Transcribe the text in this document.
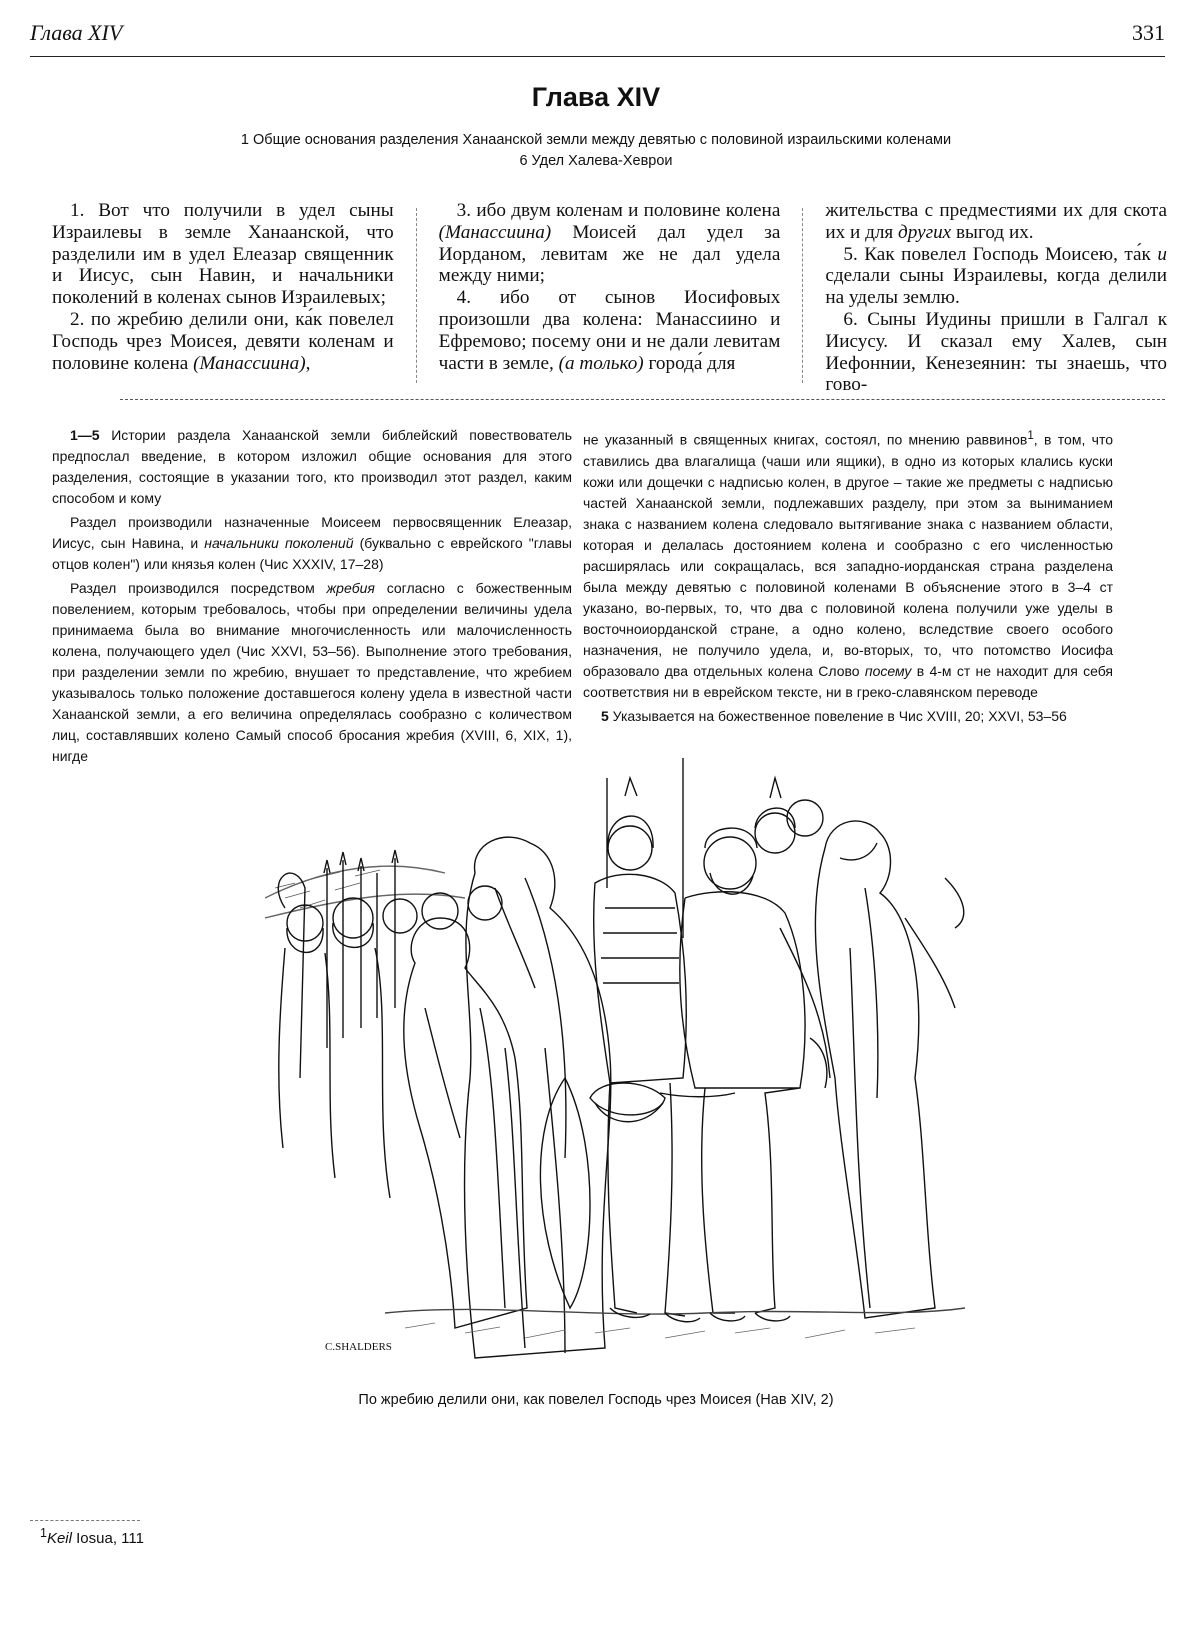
Глава XIV	331
Глава XIV
1 Общие основания разделения Ханаанской земли между девятью с половиной израильскими коленами
6 Удел Халева-Хеврои

1. Вот что получили в удел сыны Израилевы в земле Ханаанской, что разделили им в удел Елеазар священник и Иисус, сын Навин, и начальники поколений в коленах сынов Израилевых;

2. по жребию делили они, ка́к повелел Господь чрез Моисея, девяти коленам и половине колена (Манассиина),

3. ибо двум коленам и половине колена (Манассиина) Моисей дал удел за Иорданом, левитам же не дал удела между ними;

4. ибо от сынов Иосифовых произошли два колена: Манассиино и Ефремово; посему они и не дали левитам части в земле, (а только) города́ для

жительства с предместиями их для скота их и для других выгод их.

5. Как повелел Господь Моисею, та́к и сделали сыны Израилевы, когда делили на уделы землю.

6. Сыны Иудины пришли в Галгал к Иисусу. И сказал ему Халев, сын Иефоннии, Кенезеянин: ты знаешь, что гово-

1—5 Истории раздела Ханаанской земли библейский повествователь предпослал введение, в котором изложил общие основания для этого разделения, состоящие в указании того, кто производил этот раздел, каким способом и кому

Раздел производили назначенные Моисеем первосвященник Елеазар, Иисус, сын Навина, и начальники поколений (буквально с еврейского "главы отцов колен") или князья колен (Чис XXXIV, 17–28)

Раздел производился посредством жребия согласно с божественным повелением, которым требовалось, чтобы при определении величины удела принимаема была во внимание многочисленность или малочисленность колена, получающего удел (Чис XXVI, 53–56). Выполнение этого требования, при разделении земли по жребию, внушает то представление, что жребием указывалось только положение доставшегося колену удела в известной части Ханаанской земли, а его величина определялась сообразно с количеством лиц, составлявших колено Самый способ бросания жребия (XVIII, 6, XIX, 1), нигде

не указанный в священных книгах, состоял, по мнению раввинов$^1$, в том, что ставились два влагалища (чаши или ящики), в одно из которых клались куски кожи или дощечки с надписью колен, в другое – такие же предметы с надписью частей Ханаанской земли, подлежавших разделу, при этом за выниманием знака с названием колена следовало вытягивание знака с названием области, которая и делалась достоянием колена и сообразно с его численностью расширялась или сокращалась, вся западно-иорданская страна разделена была между девятью с половиной коленами В объяснение этого в 3–4 ст указано, во-первых, то, что два с половиной колена получили уже уделы в восточноиорданской стране, а одно колено, вследствие своего особого назначения, не получило удела, и, во-вторых, то, что потомство Иосифа образовало два отдельных колена Слово посему в 4-м ст не находит для себя соответствия ни в еврейском тексте, ни в греко-славянском переводе

5 Указывается на божественное повеление в Чис XVIII, 20; XXVI, 53–56

C.SHALDERS
По жребию делили они, как повелел Господь чрез Моисея (Нав XIV, 2)
$^1$Keil Iosua, 111
